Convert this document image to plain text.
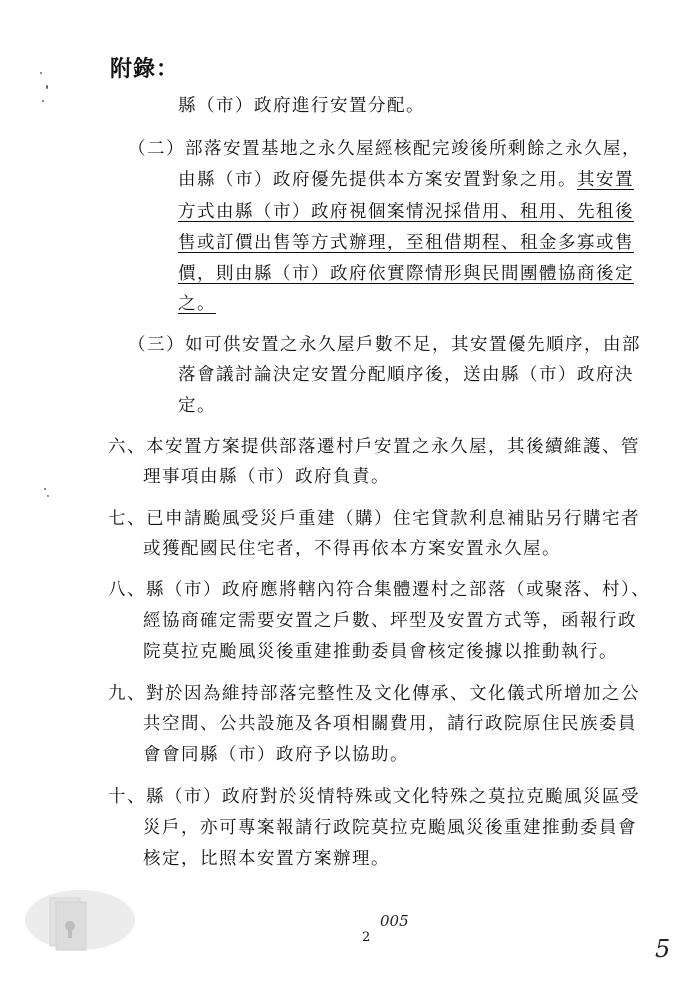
附錄：
縣（市）政府進行安置分配。
（二）部落安置基地之永久屋經核配完竣後所剩餘之永久屋，
由縣（市）政府優先提供本方案安置對象之用。其安置
方式由縣（市）政府視個案情況採借用、租用、先租後
售或訂價出售等方式辦理，至租借期程、租金多寡或售
價，則由縣（市）政府依實際情形與民間團體協商後定
之。
（三）如可供安置之永久屋戶數不足，其安置優先順序，由部
落會議討論決定安置分配順序後，送由縣（市）政府決
定。
六、本安置方案提供部落遷村戶安置之永久屋，其後續維護、管
理事項由縣（市）政府負責。
七、已申請颱風受災戶重建（購）住宅貸款利息補貼另行購宅者
或獲配國民住宅者，不得再依本方案安置永久屋。
八、縣（市）政府應將轄內符合集體遷村之部落（或聚落、村）、
經協商確定需要安置之戶數、坪型及安置方式等，函報行政
院莫拉克颱風災後重建推動委員會核定後據以推動執行。
九、對於因為維持部落完整性及文化傳承、文化儀式所增加之公
共空間、公共設施及各項相關費用，請行政院原住民族委員
會會同縣（市）政府予以協助。
十、縣（市）政府對於災情特殊或文化特殊之莫拉克颱風災區受
災戶，亦可專案報請行政院莫拉克颱風災後重建推動委員會
核定，比照本安置方案辦理。
005
2	5
